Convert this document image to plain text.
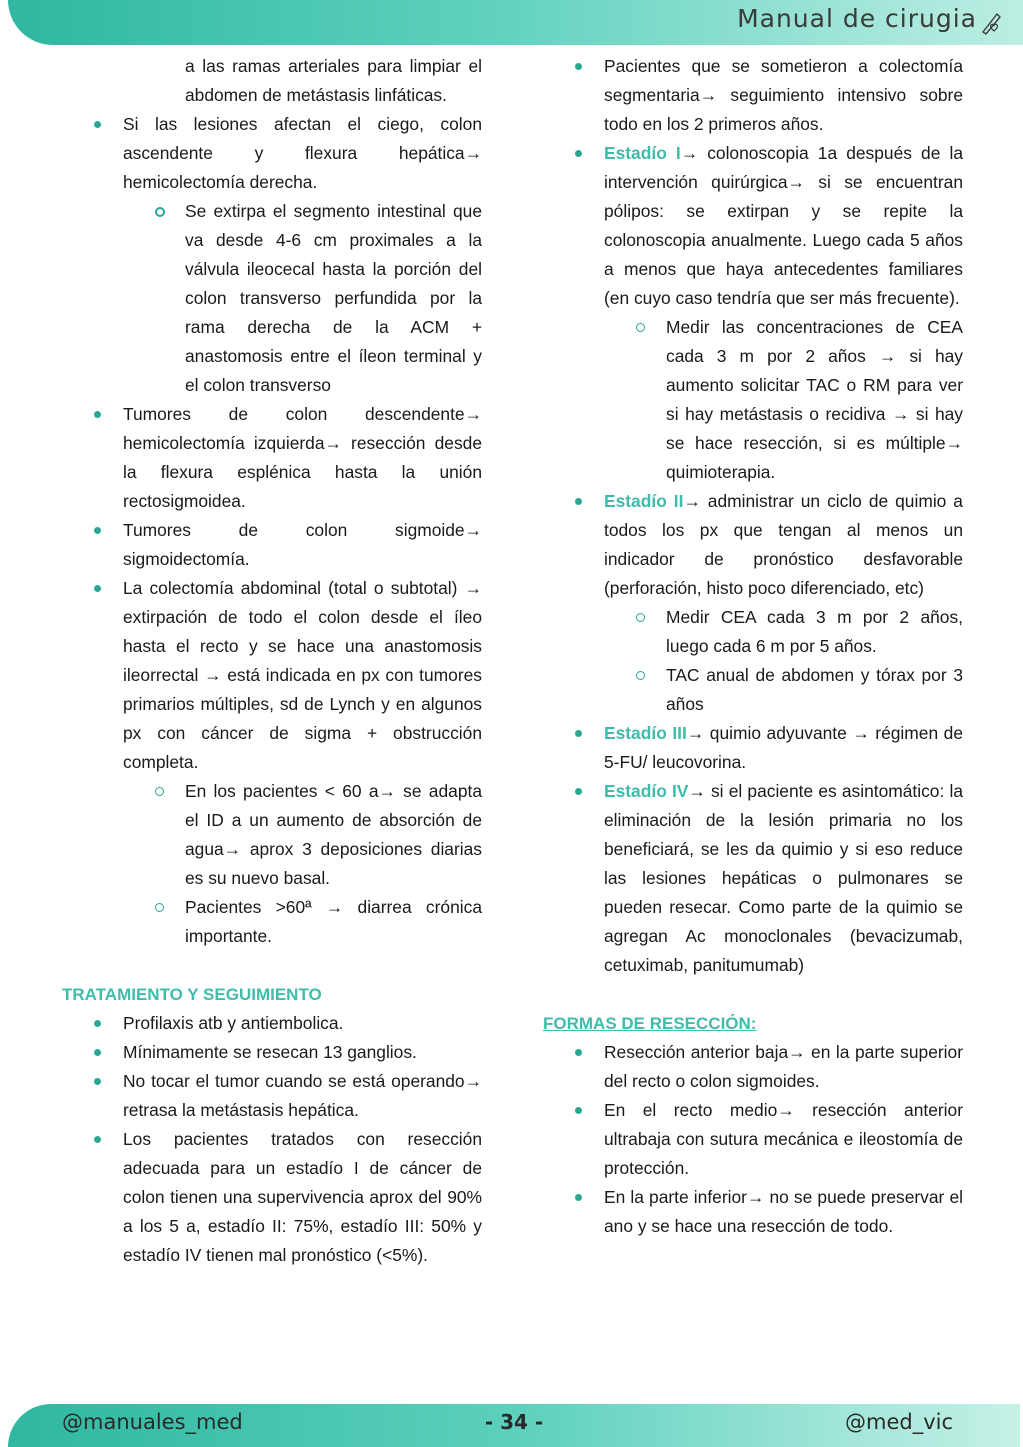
Manual de cirugia

a las ramas arteriales para limpiar el abdomen de metástasis linfáticas.

Si las lesiones afectan el ciego, colon ascendente y flexura hepática→ hemicolectomía derecha.

Se extirpa el segmento intestinal que va desde 4-6 cm proximales a la válvula ileocecal hasta la porción del colon transverso perfundida por la rama derecha de la ACM + anastomosis entre el íleon terminal y el colon transverso

Tumores de colon descendente→ hemicolectomía izquierda→ resección desde la flexura esplénica hasta la unión rectosigmoidea.

Tumores de colon sigmoide→ sigmoidectomía.

La colectomía abdominal (total o subtotal) → extirpación de todo el colon desde el íleo hasta el recto y se hace una anastomosis ileorrectal → está indicada en px con tumores primarios múltiples, sd de Lynch y en algunos px con cáncer de sigma + obstrucción completa.

En los pacientes < 60 a→ se adapta el ID a un aumento de absorción de agua→ aprox 3 deposiciones diarias es su nuevo basal.

Pacientes >60ª → diarrea crónica importante.

TRATAMIENTO Y SEGUIMIENTO

Profilaxis atb y antiembolica.

Mínimamente se resecan 13 ganglios.

No tocar el tumor cuando se está operando→ retrasa la metástasis hepática.

Los pacientes tratados con resección adecuada para un estadío I de cáncer de colon tienen una supervivencia aprox del 90% a los 5 a, estadío II: 75%, estadío III: 50% y estadío IV tienen mal pronóstico (<5%).

Pacientes que se sometieron a colectomía segmentaria→ seguimiento intensivo sobre todo en los 2 primeros años.

Estadío I→ colonoscopia 1a después de la intervención quirúrgica→ si se encuentran pólipos: se extirpan y se repite la colonoscopia anualmente. Luego cada 5 años a menos que haya antecedentes familiares (en cuyo caso tendría que ser más frecuente).

Medir las concentraciones de CEA cada 3 m por 2 años → si hay aumento solicitar TAC o RM para ver si hay metástasis o recidiva → si hay se hace resección, si es múltiple→ quimioterapia.

Estadío II→ administrar un ciclo de quimio a todos los px que tengan al menos un indicador de pronóstico desfavorable (perforación, histo poco diferenciado, etc)

Medir CEA cada 3 m por 2 años, luego cada 6 m por 5 años.

TAC anual de abdomen y tórax por 3 años

Estadío III→ quimio adyuvante → régimen de 5-FU/ leucovorina.

Estadío IV→ si el paciente es asintomático: la eliminación de la lesión primaria no los beneficiará, se les da quimio y si eso reduce las lesiones hepáticas o pulmonares se pueden resecar. Como parte de la quimio se agregan Ac monoclonales (bevacizumab, cetuximab, panitumumab)

FORMAS DE RESECCIÓN:

Resección anterior baja→ en la parte superior del recto o colon sigmoides.

En el recto medio→ resección anterior ultrabaja con sutura mecánica e ileostomía de protección.

En la parte inferior→ no se puede preservar el ano y se hace una resección de todo.

@manuales_med	- 34 -	@med_vic
